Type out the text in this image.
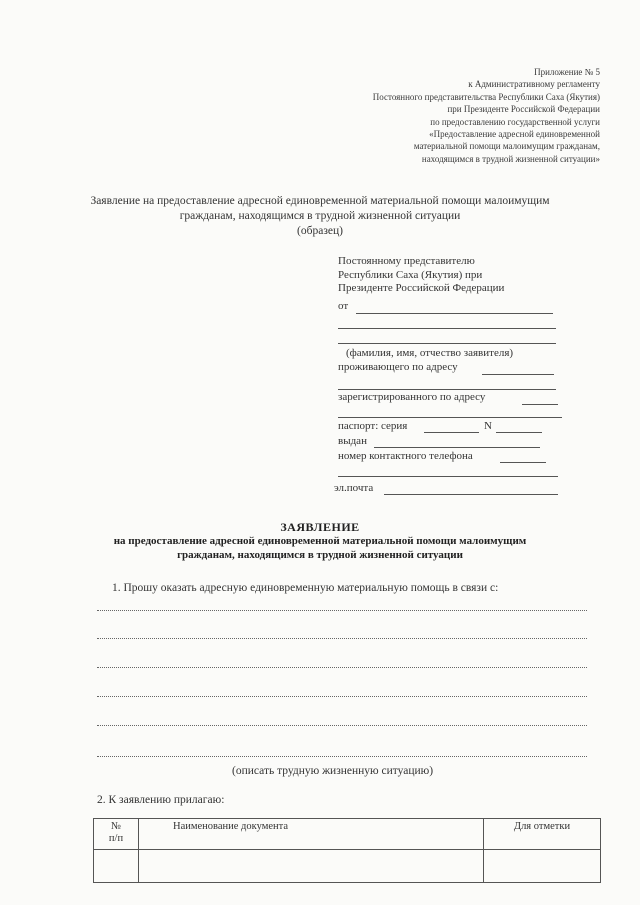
Приложение № 5
к Административному регламенту
Постоянного представительства Республики Саха (Якутия)
при Президенте Российской Федерации
по предоставлению государственной услуги
«Предоставление адресной единовременной
материальной помощи малоимущим гражданам,
находящимся в трудной жизненной ситуации»
Заявление на предоставление адресной единовременной материальной помощи малоимущим
гражданам, находящимся в трудной жизненной ситуации
(образец)
Постоянному представителю
Республики Саха (Якутия) при
Президенте Российской Федерации
от
(фамилия, имя, отчество заявителя)
проживающего по адресу
зарегистрированного по адресу
паспорт: серия	N
выдан
номер контактного телефона
эл.почта
ЗАЯВЛЕНИЕ
на предоставление адресной единовременной материальной помощи малоимущим
гражданам, находящимся в трудной жизненной ситуации
1. Прошу оказать адресную единовременную материальную помощь в связи с:
(описать трудную жизненную ситуацию)
2. К заявлению прилагаю:
№
п/п	Наименование документа	Для отметки
